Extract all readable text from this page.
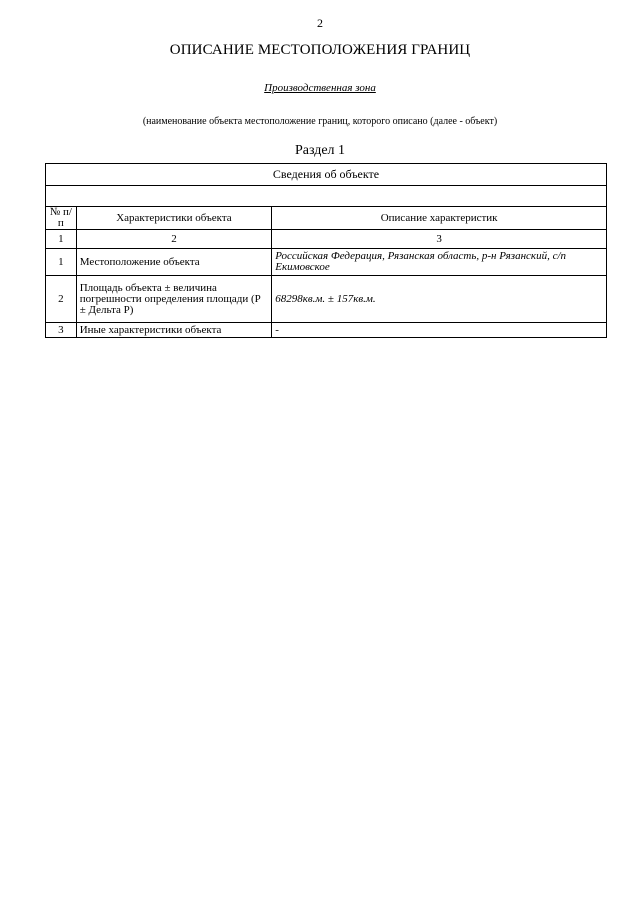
2
ОПИСАНИЕ МЕСТОПОЛОЖЕНИЯ ГРАНИЦ
Производственная зона
(наименование объекта местоположение границ, которого описано (далее - объект)
Раздел 1
Сведения об объекте		

№ п/п	Характеристики объекта	Описание характеристик
1	2	3
1	Местоположение объекта	Российская Федерация, Рязанская область, р-н Рязанский, с/п Екимовское
2	Площадь объекта ± величина погрешности определения площади (Р ± Дельта Р)	68298кв.м. ± 157кв.м.
3	Иные характеристики объекта	-
